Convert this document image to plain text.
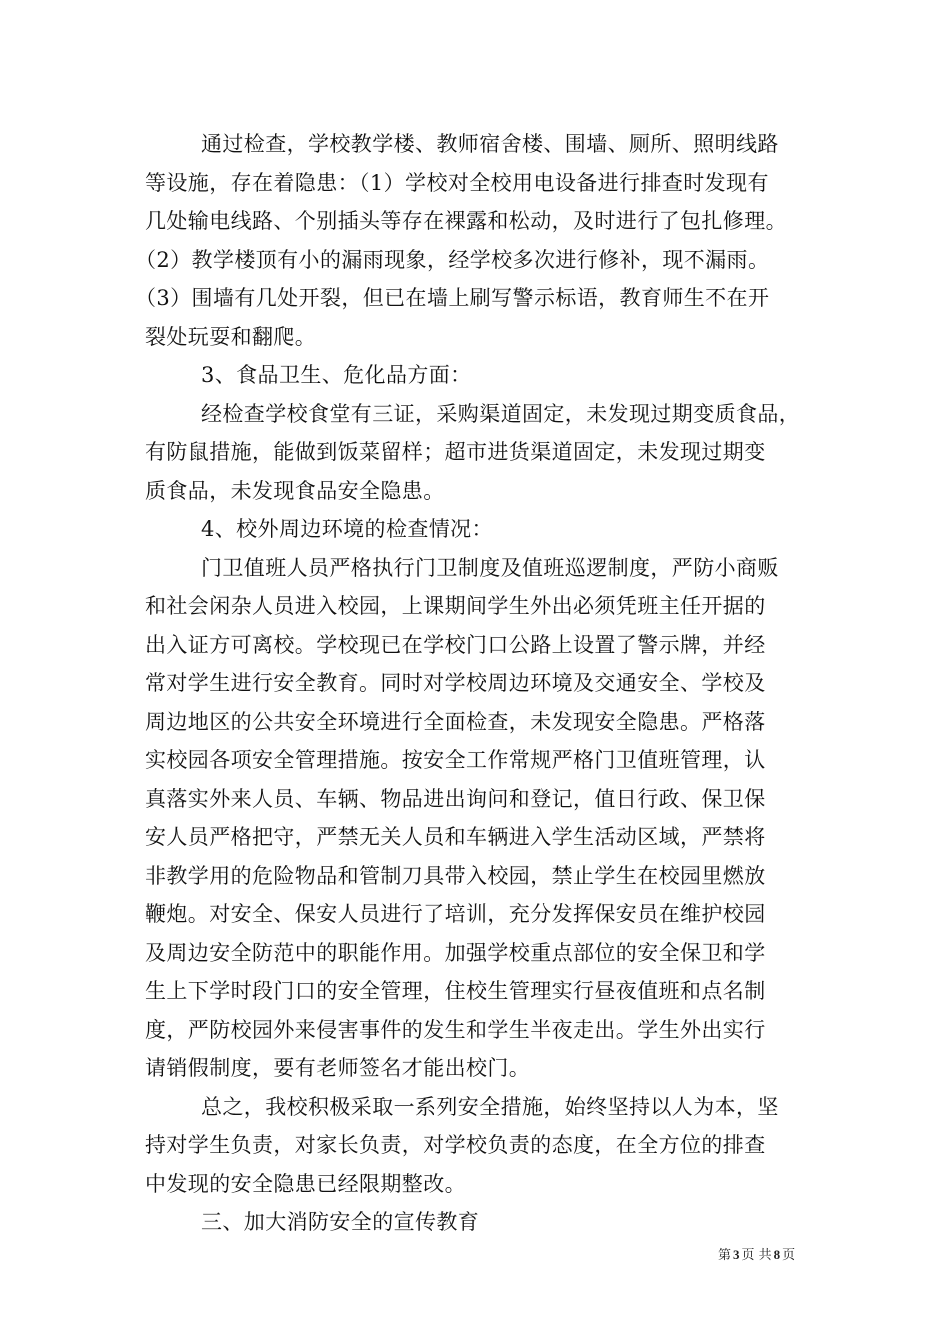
通过检查，学校教学楼、教师宿舍楼、围墙、厕所、照明线路
等设施，存在着隐患：（1）学校对全校用电设备进行排查时发现有
几处输电线路、个别插头等存在裸露和松动，及时进行了包扎修理。
（2）教学楼顶有小的漏雨现象，经学校多次进行修补，现不漏雨。
（3）围墙有几处开裂，但已在墙上刷写警示标语，教育师生不在开
裂处玩耍和翻爬。
3、食品卫生、危化品方面：
经检查学校食堂有三证，采购渠道固定，未发现过期变质食品，
有防鼠措施，能做到饭菜留样；超市进货渠道固定，未发现过期变
质食品，未发现食品安全隐患。
4、校外周边环境的检查情况：
门卫值班人员严格执行门卫制度及值班巡逻制度，严防小商贩
和社会闲杂人员进入校园，上课期间学生外出必须凭班主任开据的
出入证方可离校。学校现已在学校门口公路上设置了警示牌，并经
常对学生进行安全教育。同时对学校周边环境及交通安全、学校及
周边地区的公共安全环境进行全面检查，未发现安全隐患。严格落
实校园各项安全管理措施。按安全工作常规严格门卫值班管理，认
真落实外来人员、车辆、物品进出询问和登记，值日行政、保卫保
安人员严格把守，严禁无关人员和车辆进入学生活动区域，严禁将
非教学用的危险物品和管制刀具带入校园，禁止学生在校园里燃放
鞭炮。对安全、保安人员进行了培训，充分发挥保安员在维护校园
及周边安全防范中的职能作用。加强学校重点部位的安全保卫和学
生上下学时段门口的安全管理，住校生管理实行昼夜值班和点名制
度，严防校园外来侵害事件的发生和学生半夜走出。学生外出实行
请销假制度，要有老师签名才能出校门。
总之，我校积极采取一系列安全措施，始终坚持以人为本，坚
持对学生负责，对家长负责，对学校负责的态度，在全方位的排查
中发现的安全隐患已经限期整改。
三、加大消防安全的宣传教育
第 3 页 共 8 页
